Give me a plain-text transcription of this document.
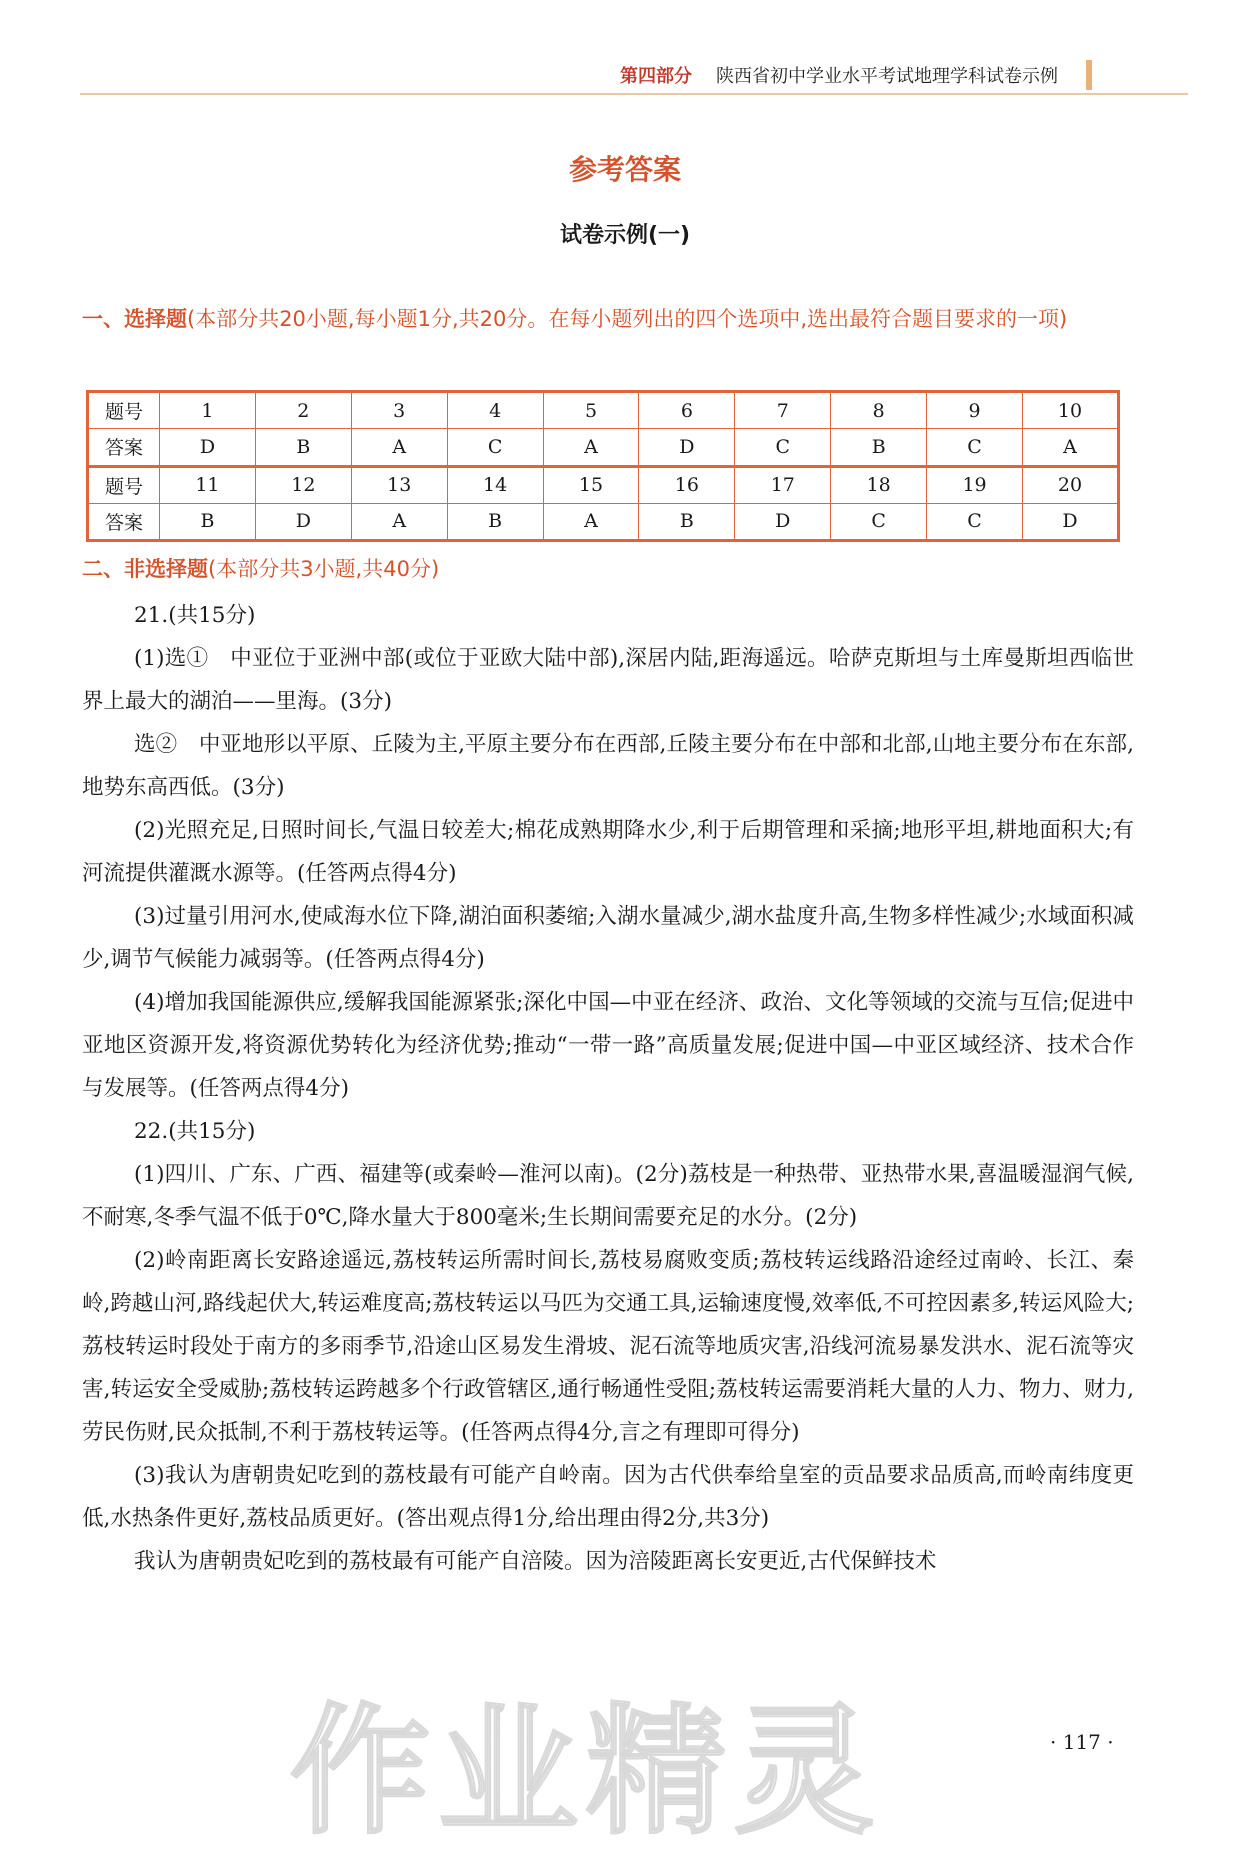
第四部分 陕西省初中学业水平考试地理学科试卷示例
参考答案
试卷示例(一)
一、选择题(本部分共20小题,每小题1分,共20分。在每小题列出的四个选项中,选出最符合题目要求的一项)
题号	1	2	3	4	5	6	7	8	9	10
答案	D	B	A	C	A	D	C	B	C	A
题号	11	12	13	14	15	16	17	18	19	20
答案	B	D	A	B	A	B	D	C	C	D
二、非选择题(本部分共3小题,共40分)

21.(共15分)

(1)选①　中亚位于亚洲中部(或位于亚欧大陆中部),深居内陆,距海遥远。哈萨克斯坦与土库曼斯坦西临世界上最大的湖泊——里海。(3分)

选②　中亚地形以平原、丘陵为主,平原主要分布在西部,丘陵主要分布在中部和北部,山地主要分布在东部,地势东高西低。(3分)

(2)光照充足,日照时间长,气温日较差大;棉花成熟期降水少,利于后期管理和采摘;地形平坦,耕地面积大;有河流提供灌溉水源等。(任答两点得4分)

(3)过量引用河水,使咸海水位下降,湖泊面积萎缩;入湖水量减少,湖水盐度升高,生物多样性减少;水域面积减少,调节气候能力减弱等。(任答两点得4分)

(4)增加我国能源供应,缓解我国能源紧张;深化中国—中亚在经济、政治、文化等领域的交流与互信;促进中亚地区资源开发,将资源优势转化为经济优势;推动“一带一路”高质量发展;促进中国—中亚区域经济、技术合作与发展等。(任答两点得4分)

22.(共15分)

(1)四川、广东、广西、福建等(或秦岭—淮河以南)。(2分)荔枝是一种热带、亚热带水果,喜温暖湿润气候,不耐寒,冬季气温不低于0℃,降水量大于800毫米;生长期间需要充足的水分。(2分)

(2)岭南距离长安路途遥远,荔枝转运所需时间长,荔枝易腐败变质;荔枝转运线路沿途经过南岭、长江、秦岭,跨越山河,路线起伏大,转运难度高;荔枝转运以马匹为交通工具,运输速度慢,效率低,不可控因素多,转运风险大;荔枝转运时段处于南方的多雨季节,沿途山区易发生滑坡、泥石流等地质灾害,沿线河流易暴发洪水、泥石流等灾害,转运安全受威胁;荔枝转运跨越多个行政管辖区,通行畅通性受阻;荔枝转运需要消耗大量的人力、物力、财力,劳民伤财,民众抵制,不利于荔枝转运等。(任答两点得4分,言之有理即可得分)

(3)我认为唐朝贵妃吃到的荔枝最有可能产自岭南。因为古代供奉给皇室的贡品要求品质高,而岭南纬度更低,水热条件更好,荔枝品质更好。(答出观点得1分,给出理由得2分,共3分)

我认为唐朝贵妃吃到的荔枝最有可能产自涪陵。因为涪陵距离长安更近,古代保鲜技术

· 117 ·
作业精灵
